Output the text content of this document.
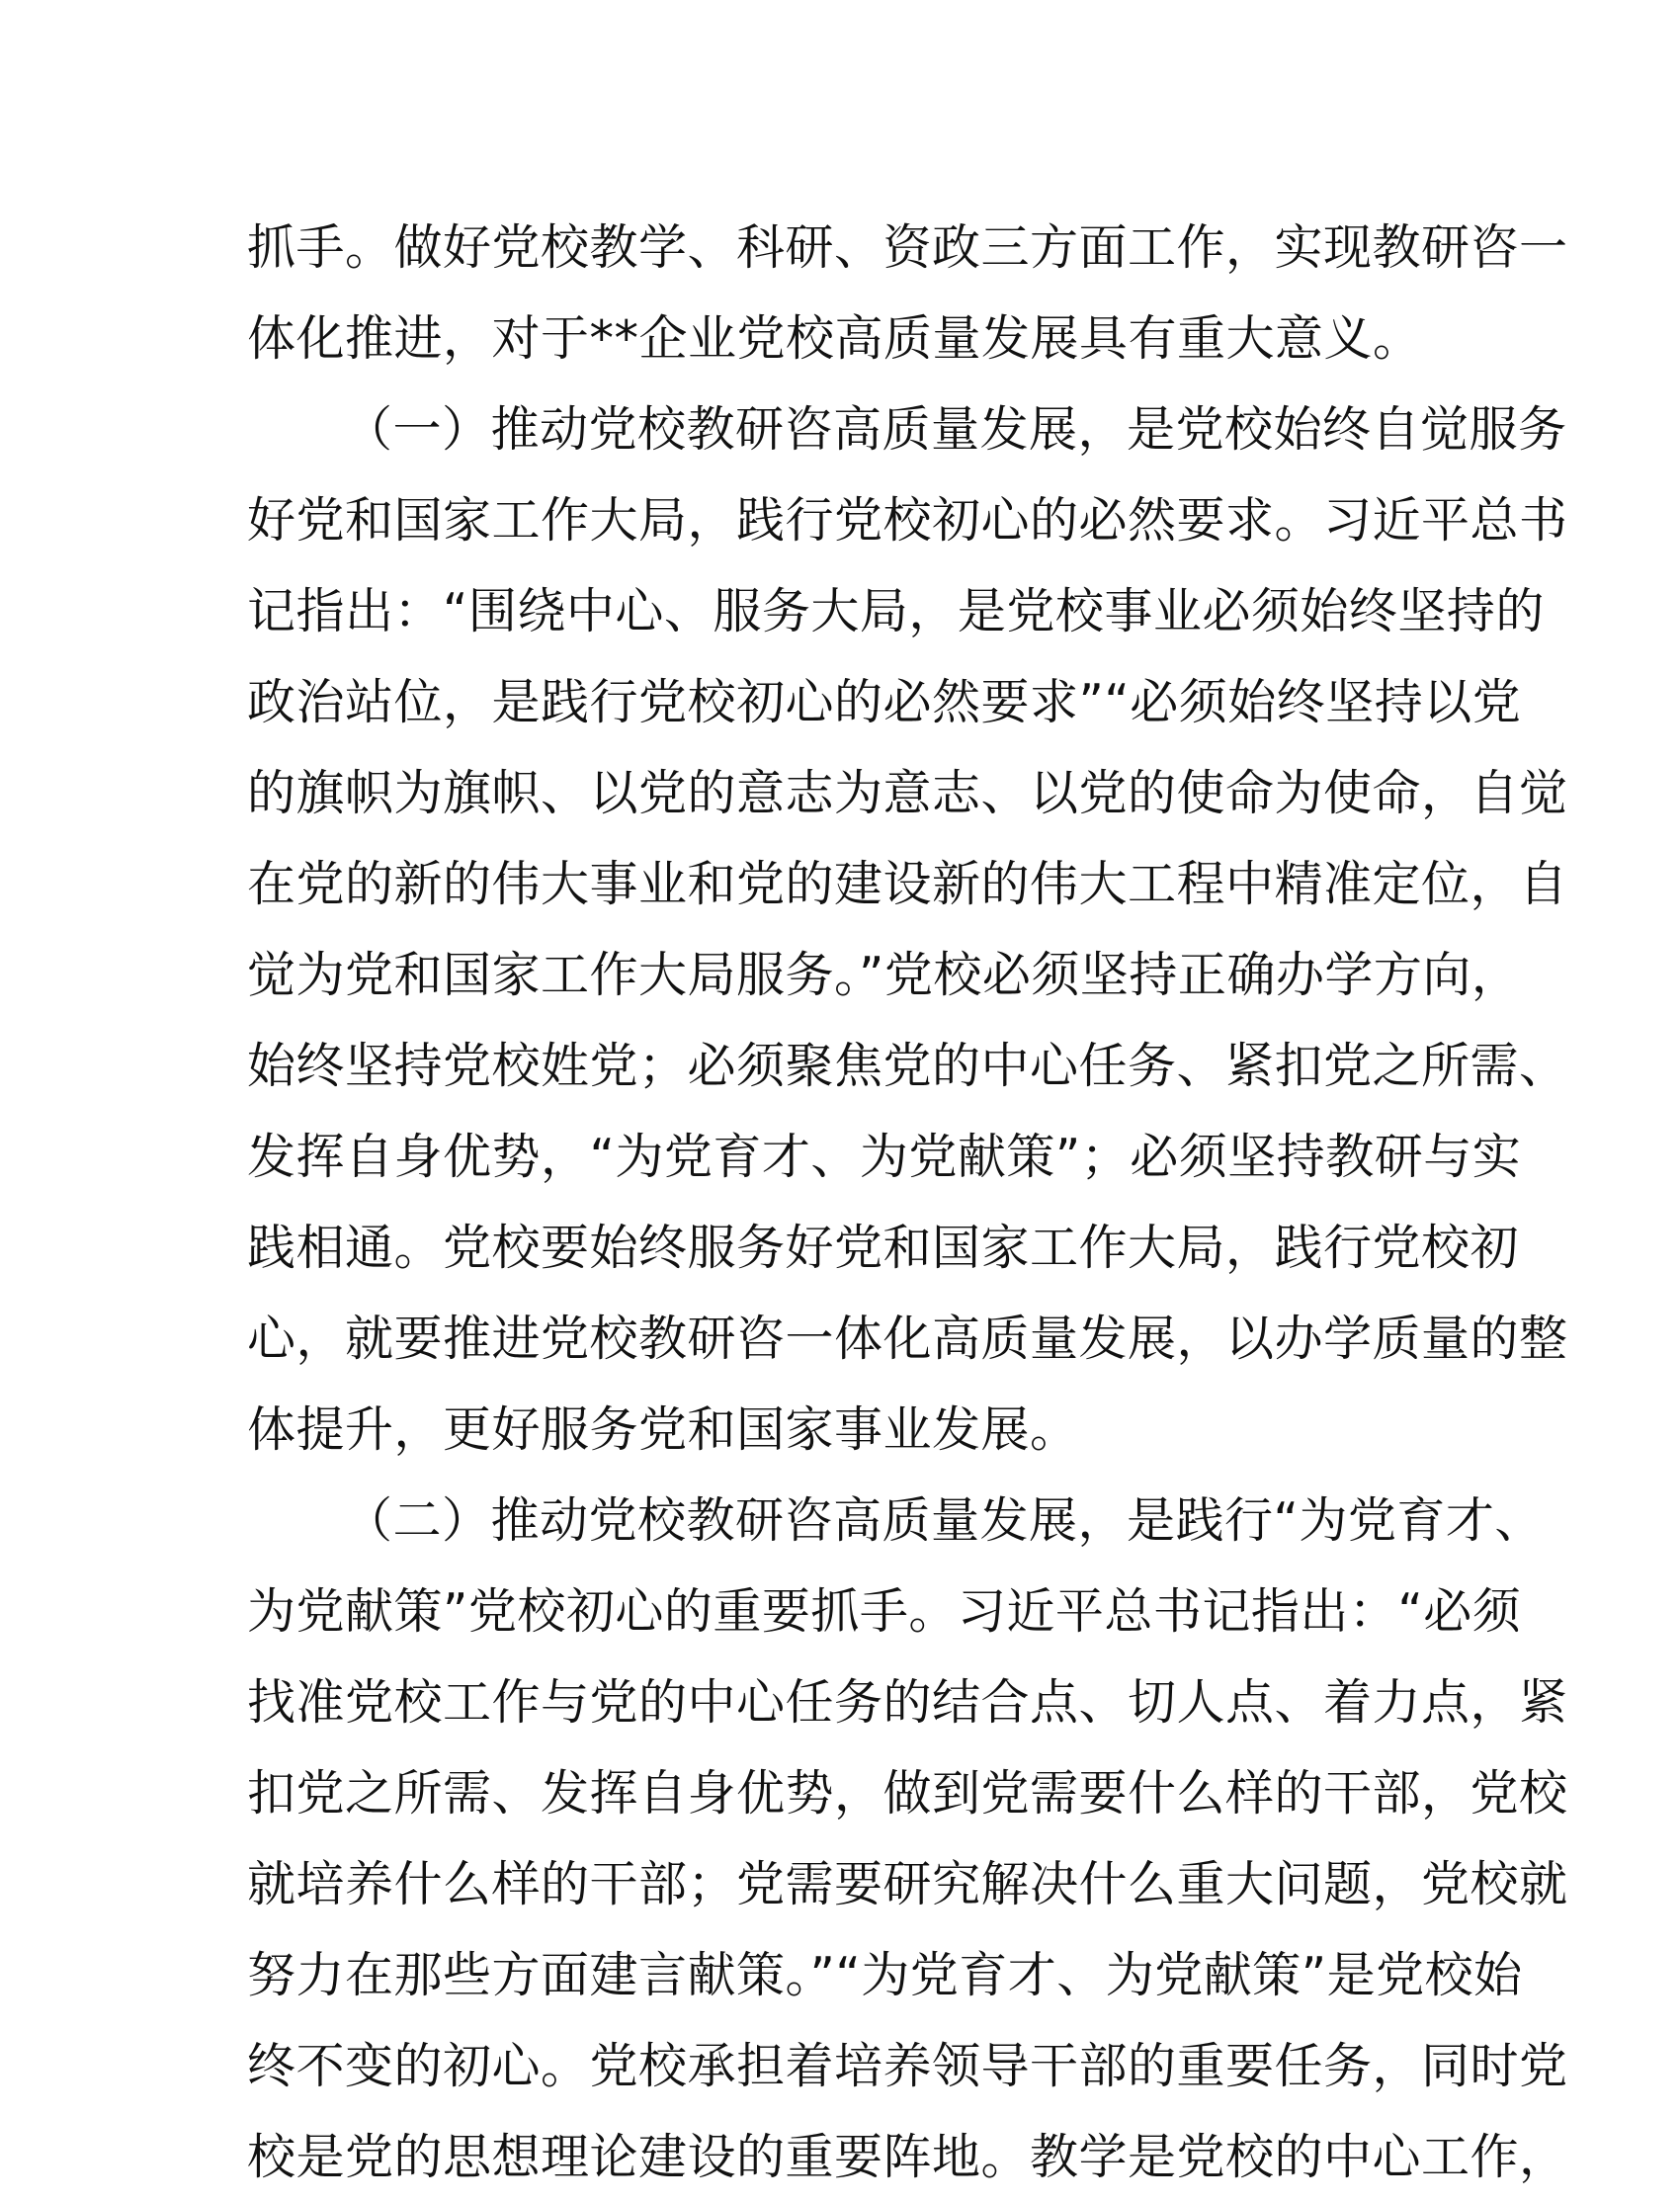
抓手。做好党校教学、科研、资政三方面工作，实现教研咨一
体化推进，对于**企业党校高质量发展具有重大意义。
（一）推动党校教研咨高质量发展，是党校始终自觉服务
好党和国家工作大局，践行党校初心的必然要求。习近平总书
记指出：“围绕中心、服务大局，是党校事业必须始终坚持的
政治站位，是践行党校初心的必然要求”“必须始终坚持以党
的旗帜为旗帜、以党的意志为意志、以党的使命为使命，自觉
在党的新的伟大事业和党的建设新的伟大工程中精准定位，自
觉为党和国家工作大局服务。”党校必须坚持正确办学方向，
始终坚持党校姓党；必须聚焦党的中心任务、紧扣党之所需、
发挥自身优势，“为党育才、为党献策”；必须坚持教研与实
践相通。党校要始终服务好党和国家工作大局，践行党校初
心，就要推进党校教研咨一体化高质量发展，以办学质量的整
体提升，更好服务党和国家事业发展。
（二）推动党校教研咨高质量发展，是践行“为党育才、
为党献策”党校初心的重要抓手。习近平总书记指出：“必须
找准党校工作与党的中心任务的结合点、切人点、着力点，紧
扣党之所需、发挥自身优势，做到党需要什么样的干部，党校
就培养什么样的干部；党需要研究解决什么重大问题，党校就
努力在那些方面建言献策。”“为党育才、为党献策”是党校始
终不变的初心。党校承担着培养领导干部的重要任务，同时党
校是党的思想理论建设的重要阵地。教学是党校的中心工作，
